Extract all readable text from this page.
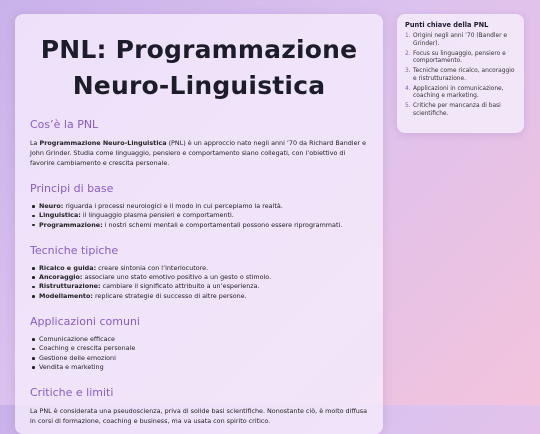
PNL: Programmazione
Neuro-Linguistica
Cos’è la PNL

La Programmazione Neuro-Linguistica (PNL) è un approccio nato negli anni ’70 da Richard Bandler e John Grinder. Studia come linguaggio, pensiero e comportamento siano collegati, con l’obiettivo di favorire cambiamento e crescita personale.

Principi di base
Neuro: riguarda i processi neurologici e il modo in cui percepiamo la realtà.
Linguistica: il linguaggio plasma pensieri e comportamenti.
Programmazione: i nostri schemi mentali e comportamentali possono essere riprogrammati.
Tecniche tipiche
Ricalco e guida: creare sintonia con l’interlocutore.
Ancoraggio: associare uno stato emotivo positivo a un gesto o stimolo.
Ristrutturazione: cambiare il significato attribuito a un’esperienza.
Modellamento: replicare strategie di successo di altre persone.
Applicazioni comuni
Comunicazione efficace
Coaching e crescita personale
Gestione delle emozioni
Vendita e marketing
Critiche e limiti

La PNL è considerata una pseudoscienza, priva di solide basi scientifiche. Nonostante ciò, è molto diffusa in corsi di formazione, coaching e business, ma va usata con spirito critico.

Punti chiave della PNL
1. Origini negli anni ’70 (Bandler e Grinder).
2. Focus su linguaggio, pensiero e comportamento.
3. Tecniche come ricalco, ancoraggio e ristrutturazione.
4. Applicazioni in comunicazione, coaching e marketing.
5. Critiche per mancanza di basi scientifiche.
